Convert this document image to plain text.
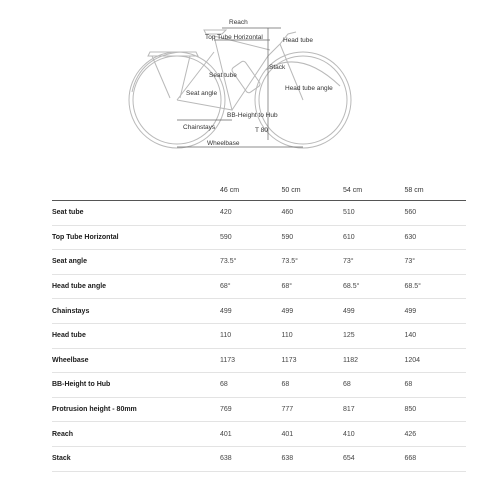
Reach
Top Tube Horizontal	Head tube
Stack
Seat tube
Head tube angle
Seat angle
BB-Height to Hub
Chainstays	T 80
Wheelbase
	46 cm	50 cm	54 cm	58 cm
Seat tube	420	460	510	560
Top Tube Horizontal	590	590	610	630
Seat angle	73.5°	73.5°	73°	73°
Head tube angle	68°	68°	68.5°	68.5°
Chainstays	499	499	499	499
Head tube	110	110	125	140
Wheelbase	1173	1173	1182	1204
BB-Height to Hub	68	68	68	68
Protrusion height - 80mm	769	777	817	850
Reach	401	401	410	426
Stack	638	638	654	668
